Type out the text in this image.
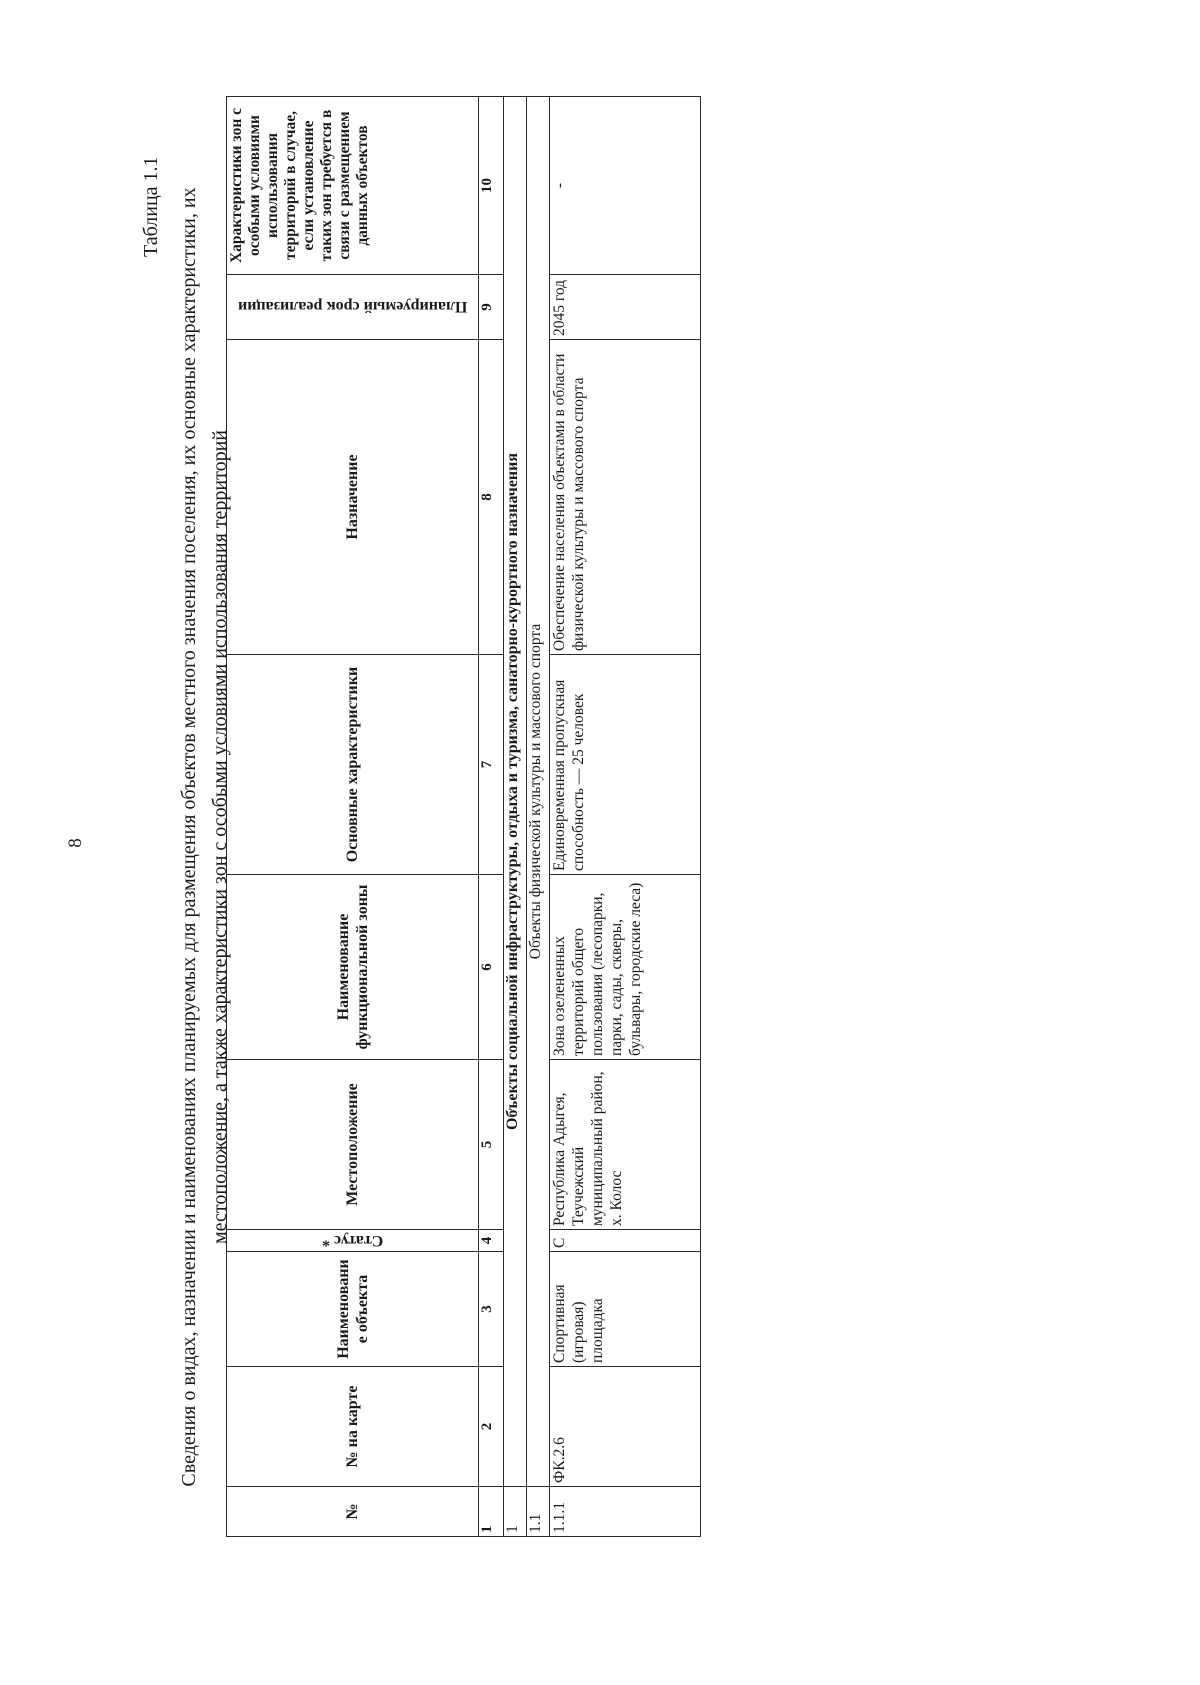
8
Таблица 1.1 Сведения о видах, назначении и наименованиях планируемых для размещения объектов местного значения поселения, их основные характеристики, их местоположение, а также характеристики зон с особыми условиями использования территорий
№	№ на карте	Наименовани е объекта	Статус *	Местоположение	Наименование функциональной зоны	Основные характеристики	Назначение	Планируемый срок реализации	Характеристики зон с особыми условиями использования территорий в случае, если установление таких зон требуется в связи с размещением данных объектов
1	2	3	4	5	6	7	8	9	10
1	Объекты социальной инфраструктуры, отдыха и туризма, санаторно-курортного назначения								
1.1	Объекты физической культуры и массового спорта								
1.1.1	ФК.2.6	Спортивная (игровая) площадка	С	Республика Адыгея, Теучежский муниципальный район, х. Колос	Зона озелененных территорий общего пользования (лесопарки, парки, сады, скверы, бульвары, городские леса)	Единовременная пропускная способность — 25 человек	Обеспечение населения объектами в области физической культуры и массового спорта	2045 год	-
